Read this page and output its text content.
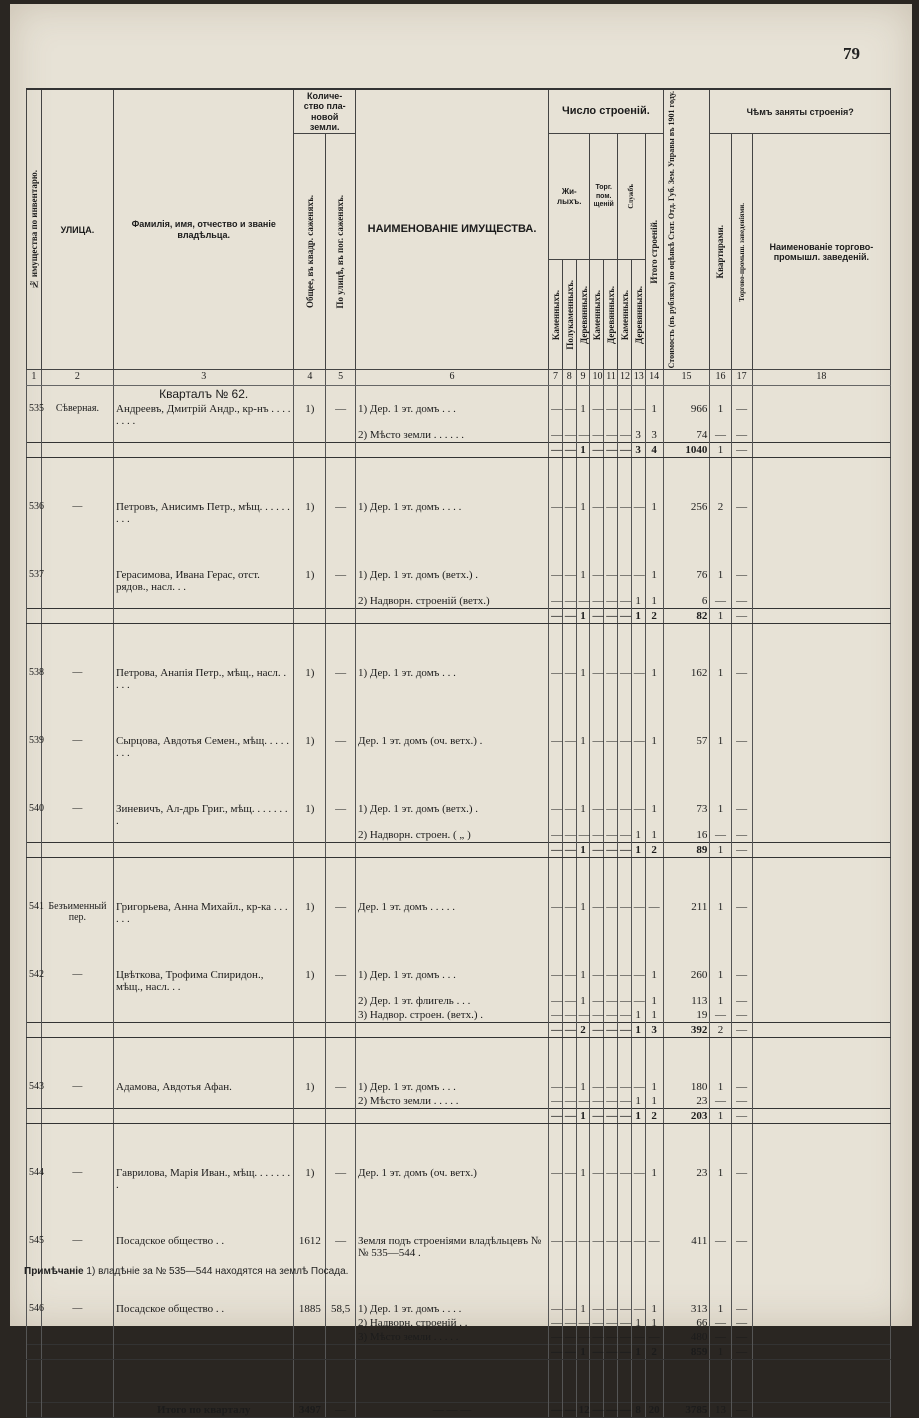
79
№ имущества по инвентарю.	УЛИЦА.	Фамилія, имя, отчество и званіе владѣльца.	Количе- ство пла- новой земли.		НАИМЕНОВАНІЕ ИМУЩЕСТВА.	Число строеній.								Стоимость (въ рубляхъ) по оцѣнкѣ Стат. Отд. Губ. Зем. Управы въ 1901 году.	Чѣмъ заняты строенія?		

			Общее, въ квадр. саженяхъ.	По улицѣ, въ пог. саженяхъ.		Жи- лыхъ.			Торг. пом. щеній		Службъ		Итого строеній.		Квартирами.	Торгово-промыш. заведеніями.	Наименованіе торгово-промышл. заведеній.

						Каменныхъ.	Полукаменныхъ.	Деревянныхъ.	Каменныхъ.	Деревянныхъ.	Каменныхъ.	Деревянныхъ.					

1	2	3	4	5	6	7	8	9	10	11	12	13	14	15	16	17	18
		Кварталъ № 62.															
535	Сѣверная.	Андреевъ, Дмитрій Андр., кр-нъ . . . . . . . .	1)	—	1) Дер. 1 эт. домъ . . .	—	—	1	—	—	—	—	1	966	1	—	
					2) Мѣсто земли . . . . . .	—	—	—	—	—	—	3	3	74	—	—	
						—	—	1	—	—	—	3	4	1040	1	—	

536	—	Петровъ, Анисимъ Петр., мѣщ. . . . . . . . .	1)	—	1) Дер. 1 эт. домъ . . . .	—	—	1	—	—	—	—	1	256	2	—	

537		Герасимова, Ивана Герас, отст. рядов., насл. . .	1)	—	1) Дер. 1 эт. домъ (ветх.) .	—	—	1	—	—	—	—	1	76	1	—	
					2) Надворн. строеній (ветх.)	—	—	—	—	—	—	1	1	6	—	—	
						—	—	1	—	—	—	1	2	82	1	—	

538	—	Петрова, Анапія Петр., мѣщ., насл. . . . .	1)	—	1) Дер. 1 эт. домъ . . .	—	—	1	—	—	—	—	1	162	1	—	

539	—	Сырцова, Авдотья Семен., мѣщ. . . . . . . .	1)	—	Дер. 1 эт. домъ (оч. ветх.) .	—	—	1	—	—	—	—	1	57	1	—	

540	—	Зиневичъ, Ал-дрь Григ., мѣщ. . . . . . . .	1)	—	1) Дер. 1 эт. домъ (ветх.) .	—	—	1	—	—	—	—	1	73	1	—	
					2) Надворн. строен. ( „ )	—	—	—	—	—	—	1	1	16	—	—	
						—	—	1	—	—	—	1	2	89	1	—	

541	Безъименный пер.	Григорьева, Анна Михайл., кр-ка . . . . . .	1)	—	Дер. 1 эт. домъ . . . . .	—	—	1	—	—	—	—	—	211	1	—	

542	—	Цвѣткова, Трофима Спиридон., мѣщ., насл. . .	1)	—	1) Дер. 1 эт. домъ . . .	—	—	1	—	—	—	—	1	260	1	—	
					2) Дер. 1 эт. флигель . . .	—	—	1	—	—	—	—	1	113	1	—	
					3) Надвор. строен. (ветх.) .	—	—	—	—	—	—	1	1	19	—	—	
						—	—	2	—	—	—	1	3	392	2	—	

543	—	Адамова, Авдотья Афан.	1)	—	1) Дер. 1 эт. домъ . . .	—	—	1	—	—	—	—	1	180	1	—	
					2) Мѣсто земли . . . . .	—	—	—	—	—	—	1	1	23	—	—	
						—	—	1	—	—	—	1	2	203	1	—	

544	—	Гаврилова, Марія Иван., мѣщ. . . . . . . .	1)	—	Дер. 1 эт. домъ (оч. ветх.)	—	—	1	—	—	—	—	1	23	1	—	

545	—	Посадское общество . .	1612	—	Земля подъ строеніями владѣльцевъ №№ 535—544 .	—	—	—	—	—	—	—	—	411	—	—	

546	—	Посадское общество . .	1885	58,5	1) Дер. 1 эт. домъ . . . .	—	—	1	—	—	—	—	1	313	1	—	
					2) Надворн. строеній . .	—	—	—	—	—	—	1	1	66	—	—	
					3) Мѣсто земли . . . . .	—	—	—	—	—	—	—	—	480	—	—	
						—	—	1	—	—	—	1	2	859	1	—	

		Итого по кварталу	3497	—	— — —	—	—	12	—	—	—	8	20	3785	13	—	
Примѣчаніе 1) владѣніе за № 535—544 находятся на землѣ Посада.
